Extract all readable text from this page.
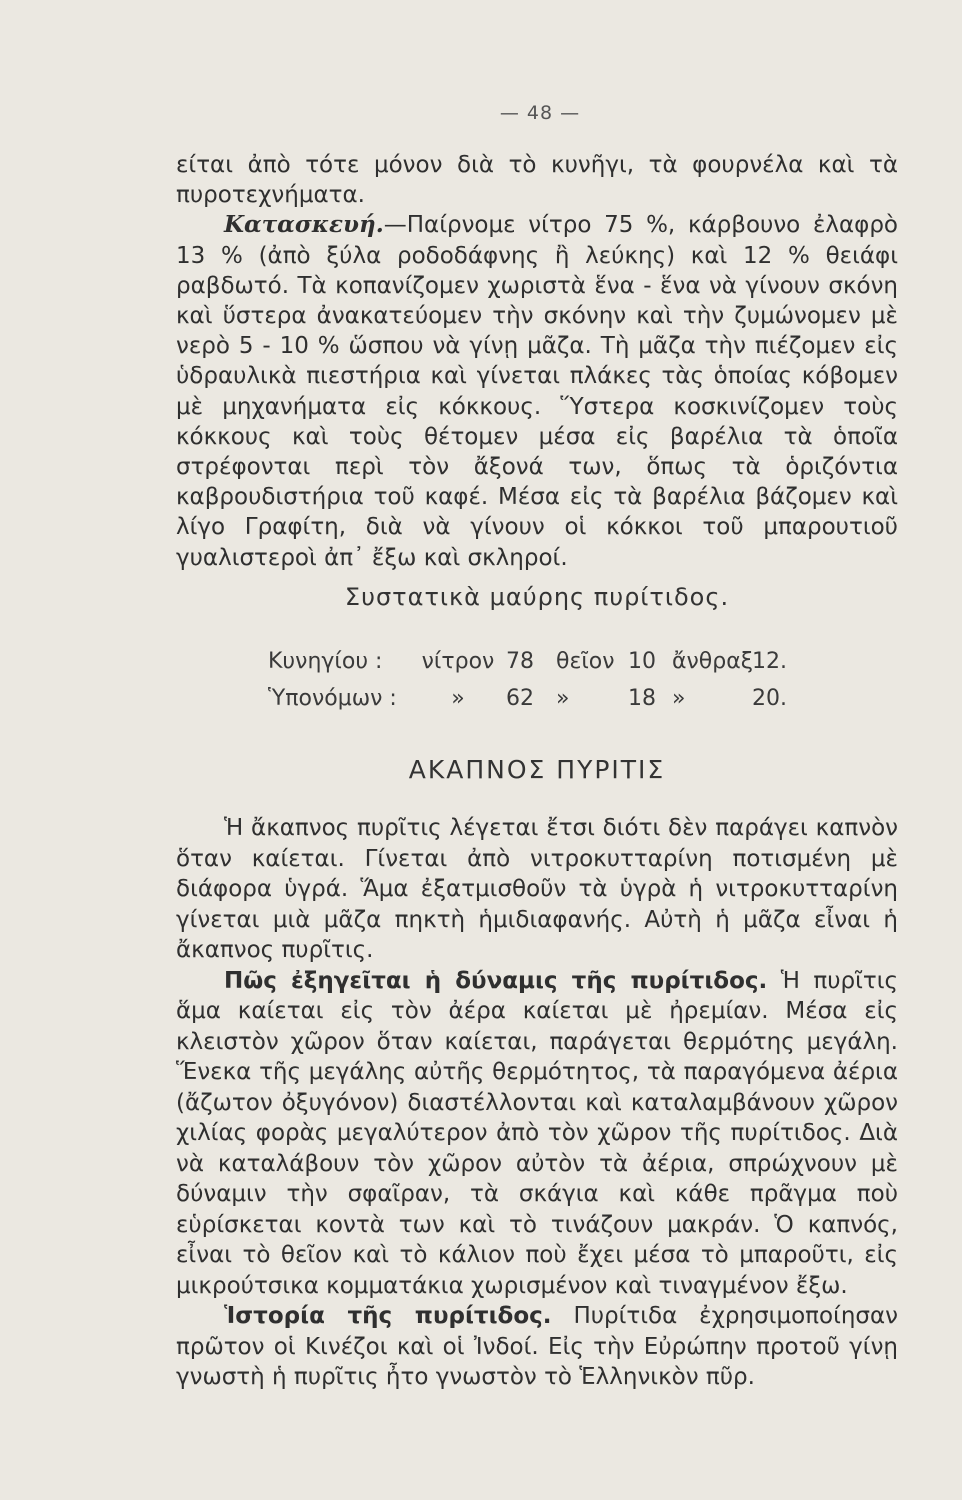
— 48 —

είται ἀπὸ τότε μόνον διὰ τὸ κυνῆγι, τὰ φουρνέλα καὶ τὰ πυροτεχνήματα.

Κατασκευή.—Παίρνομε νίτρο 75 %, κάρβουνο ἐλαφρὸ 13 % (ἀπὸ ξύλα ροδοδάφνης ἢ λεύκης) καὶ 12 % θειάφι ραβδωτό. Τὰ κοπανίζομεν χωριστὰ ἕνα - ἕνα νὰ γίνουν σκόνη καὶ ὕστερα ἀνακατεύομεν τὴν σκόνην καὶ τὴν ζυμώνομεν μὲ νερὸ 5 - 10 % ὥσπου νὰ γίνῃ μᾶζα. Τὴ μᾶζα τὴν πιέζομεν εἰς ὑδραυλικὰ πιεστήρια καὶ γίνεται πλάκες τὰς ὁποίας κόβομεν μὲ μηχανήματα εἰς κόκκους. Ὕστερα κοσκινίζομεν τοὺς κόκκους καὶ τοὺς θέτομεν μέσα εἰς βαρέλια τὰ ὁποῖα στρέφονται περὶ τὸν ἄξονά των, ὅπως τὰ ὁριζόντια καβρουδιστήρια τοῦ καφέ. Μέσα εἰς τὰ βαρέλια βάζομεν καὶ λίγο Γραφίτη, διὰ νὰ γίνουν οἱ κόκκοι τοῦ μπαρουτιοῦ γυαλιστεροὶ ἀπ᾽ ἔξω καὶ σκληροί.

Συστατικὰ μαύρης πυρίτιδος.
Κυνηγίου :	νίτρον 78	θεῖον 10 ἄνθραξ 12.
Ὑπονόμων :	»	62	»	18 »	20.
ΑΚΑΠΝΟΣ ΠΥΡΙΤΙΣ

Ἡ ἄκαπνος πυρῖτις λέγεται ἔτσι διότι δὲν παράγει καπνὸν ὅταν καίεται. Γίνεται ἀπὸ νιτροκυτταρίνη ποτισμένη μὲ διάφορα ὑγρά. Ἅμα ἐξατμισθοῦν τὰ ὑγρὰ ἡ νιτροκυτταρίνη γίνεται μιὰ μᾶζα πηκτὴ ἡμιδιαφανής. Αὐτὴ ἡ μᾶζα εἶναι ἡ ἄκαπνος πυρῖτις.

Πῶς ἐξηγεῖται ἡ δύναμις τῆς πυρίτιδος. Ἡ πυρῖτις ἅμα καίεται εἰς τὸν ἀέρα καίεται μὲ ἠρεμίαν. Μέσα εἰς κλειστὸν χῶρον ὅταν καίεται, παράγεται θερμότης μεγάλη. Ἕνεκα τῆς μεγάλης αὐτῆς θερμότητος, τὰ παραγόμενα ἀέρια (ἄζωτον ὀξυγόνον) διαστέλλονται καὶ καταλαμβάνουν χῶρον χιλίας φορὰς μεγαλύτερον ἀπὸ τὸν χῶρον τῆς πυρίτιδος. Διὰ νὰ καταλάβουν τὸν χῶρον αὐτὸν τὰ ἀέρια, σπρώχνουν μὲ δύναμιν τὴν σφαῖραν, τὰ σκάγια καὶ κάθε πρᾶγμα ποὺ εὑρίσκεται κοντὰ των καὶ τὸ τινάζουν μακράν. Ὁ καπνός, εἶναι τὸ θεῖον καὶ τὸ κάλιον ποὺ ἔχει μέσα τὸ μπαροῦτι, εἰς μικρούτσικα κομματάκια χωρισμένον καὶ τιναγμένον ἔξω.

Ἱστορία τῆς πυρίτιδος. Πυρίτιδα ἐχρησιμοποίησαν πρῶτον οἱ Κινέζοι καὶ οἱ Ἰνδοί. Εἰς τὴν Εὐρώπην προτοῦ γίνῃ γνωστὴ ἡ πυρῖτις ἦτο γνωστὸν τὸ Ἑλληνικὸν πῦρ.
